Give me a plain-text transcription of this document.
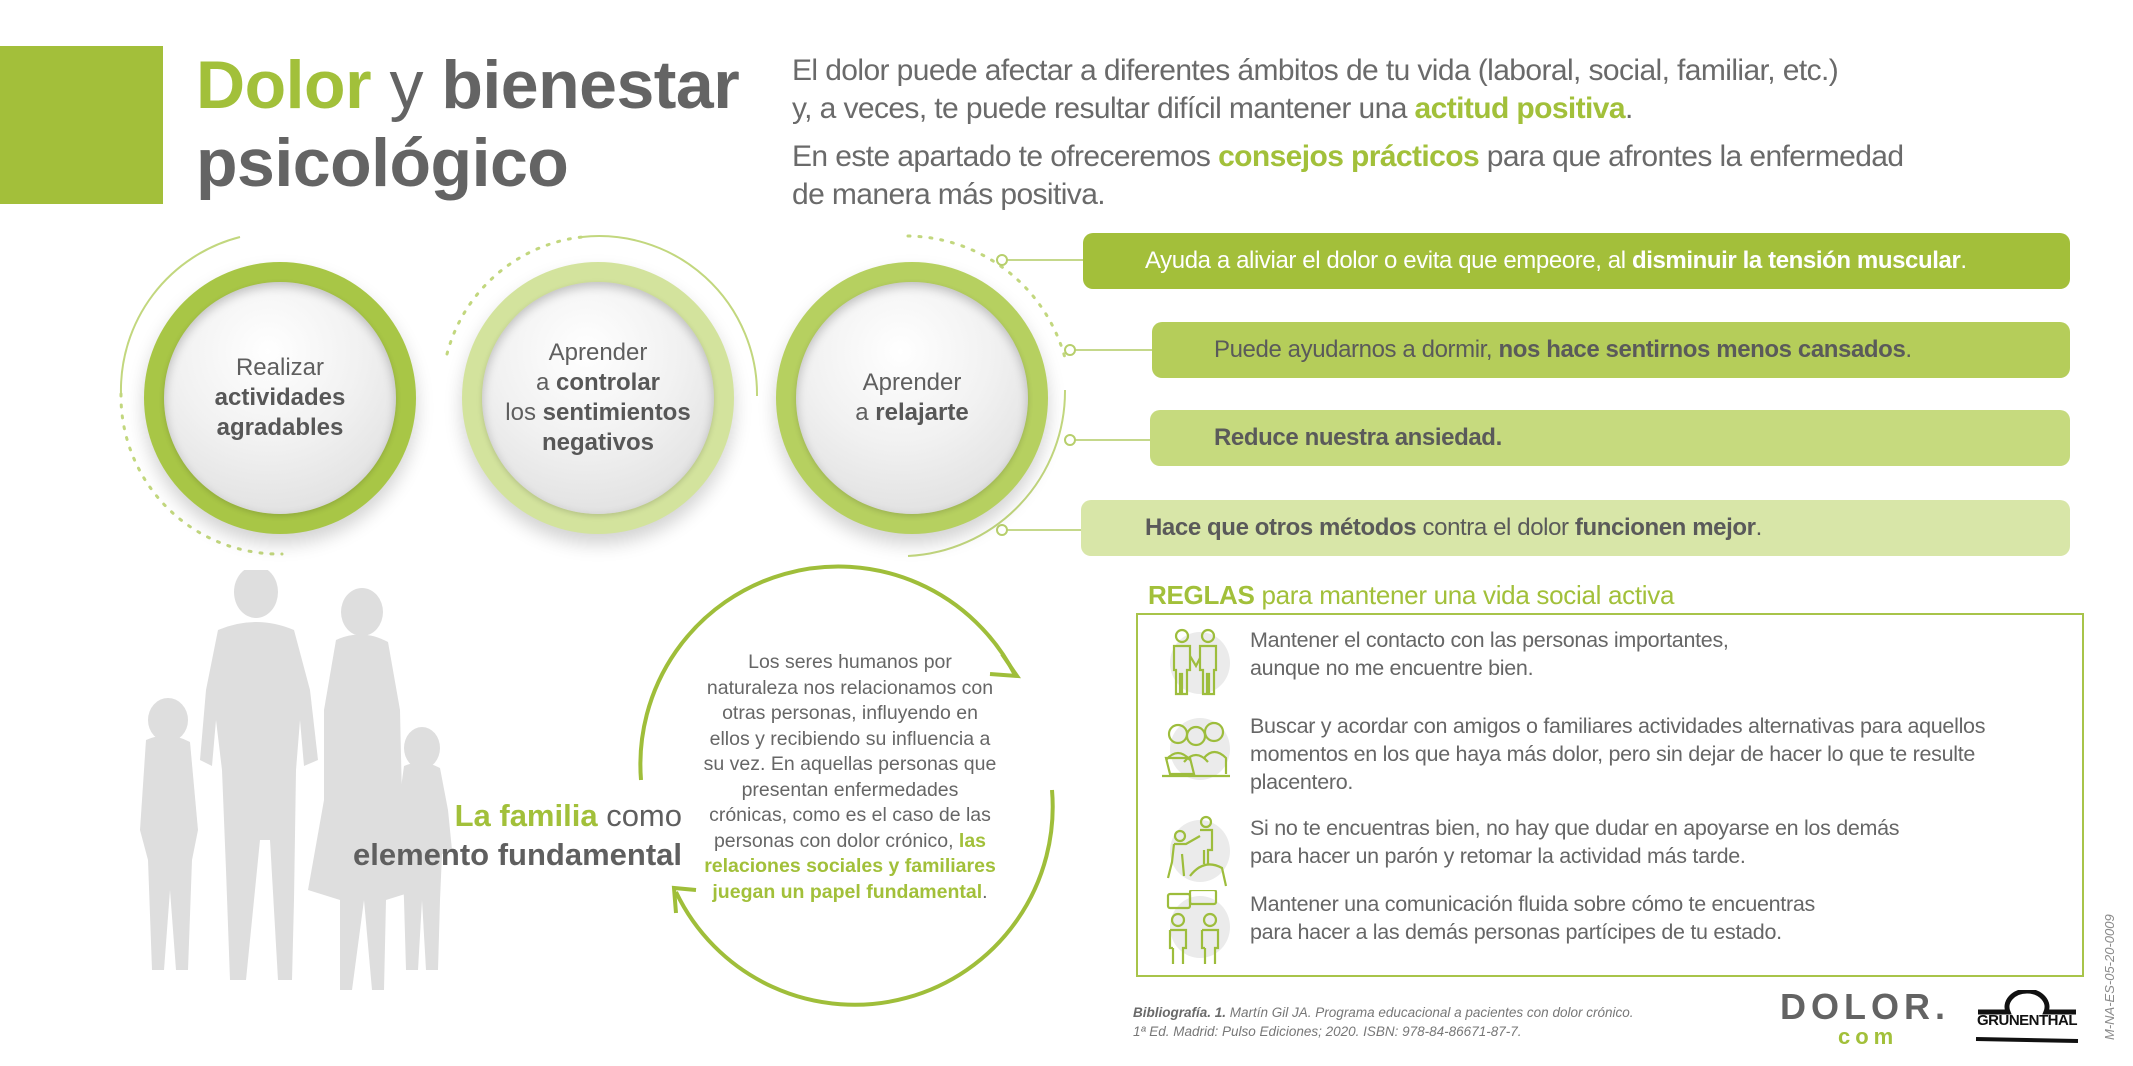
Dolor y bienestar
psicológico

El dolor puede afectar a diferentes ámbitos de tu vida (laboral, social, familiar, etc.)
y, a veces, te puede resultar difícil mantener una actitud positiva.

En este apartado te ofreceremos consejos prácticos para que afrontes la enfermedad
de manera más positiva.

Realizar
actividades
agradables
Aprender
a controlar
los sentimientos
negativos
Aprender
a relajarte
Ayuda a aliviar el dolor o evita que empeore, al disminuir la tensión muscular.
Puede ayudarnos a dormir, nos hace sentirnos menos cansados.
Reduce nuestra ansiedad.
Hace que otros métodos contra el dolor funcionen mejor.
La familia como
elemento fundamental
Los seres humanos por naturaleza nos relacionamos con otras personas, influyendo en ellos y recibiendo su influencia a su vez. En aquellas personas que presentan enfermedades crónicas, como es el caso de las personas con dolor crónico, las relaciones sociales y familiares juegan un papel fundamental.
REGLAS para mantener una vida social activa
Mantener el contacto con las personas importantes,
aunque no me encuentre bien.
Buscar y acordar con amigos o familiares actividades alternativas para aquellos
momentos en los que haya más dolor, pero sin dejar de hacer lo que te resulte
placentero.
Si no te encuentras bien, no hay que dudar en apoyarse en los demás
para hacer un parón y retomar la actividad más tarde.
Mantener una comunicación fluida sobre cómo te encuentras
para hacer a las demás personas partícipes de tu estado.
Bibliografía. 1. Martín Gil JA. Programa educacional a pacientes con dolor crónico.
1ª Ed. Madrid: Pulso Ediciones; 2020. ISBN: 978-84-86671-87-7.
DOLOR.
com
GRÜNENTHAL M-NA-ES-05-20-0009
